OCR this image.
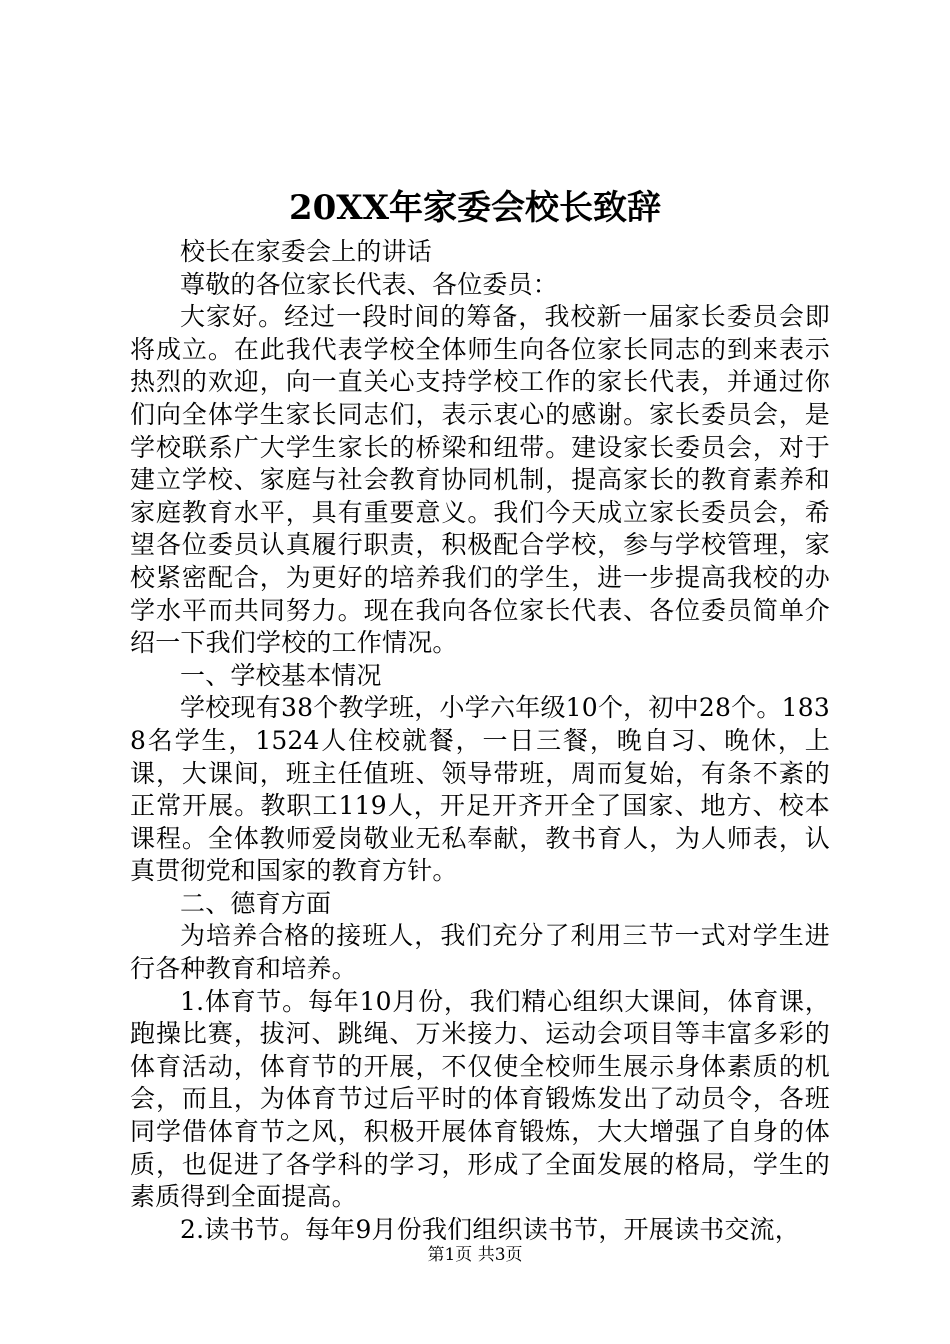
20XX年家委会校长致辞

校长在家委会上的讲话

尊敬的各位家长代表、各位委员：

大家好。经过一段时间的筹备，我校新一届家长委员会即将成立。在此我代表学校全体师生向各位家长同志的到来表示热烈的欢迎，向一直关心支持学校工作的家长代表，并通过你们向全体学生家长同志们，表示衷心的感谢。家长委员会，是学校联系广大学生家长的桥梁和纽带。建设家长委员会，对于建立学校、家庭与社会教育协同机制，提高家长的教育素养和家庭教育水平，具有重要意义。我们今天成立家长委员会，希望各位委员认真履行职责，积极配合学校，参与学校管理，家校紧密配合，为更好的培养我们的学生，进一步提高我校的办学水平而共同努力。现在我向各位家长代表、各位委员简单介绍一下我们学校的工作情况。

一、学校基本情况

学校现有38个教学班，小学六年级10个，初中28个。1838名学生，1524人住校就餐，一日三餐，晚自习、晚休，上课，大课间，班主任值班、领导带班，周而复始，有条不紊的正常开展。教职工119人，开足开齐开全了国家、地方、校本课程。全体教师爱岗敬业无私奉献，教书育人，为人师表，认真贯彻党和国家的教育方针。

二、德育方面

为培养合格的接班人，我们充分了利用三节一式对学生进行各种教育和培养。

1.体育节。每年10月份，我们精心组织大课间，体育课，跑操比赛，拔河、跳绳、万米接力、运动会项目等丰富多彩的体育活动，体育节的开展，不仅使全校师生展示身体素质的机会，而且，为体育节过后平时的体育锻炼发出了动员令，各班同学借体育节之风，积极开展体育锻炼，大大增强了自身的体质，也促进了各学科的学习，形成了全面发展的格局，学生的素质得到全面提高。

2.读书节。每年9月份我们组织读书节，开展读书交流，

第1页 共3页
